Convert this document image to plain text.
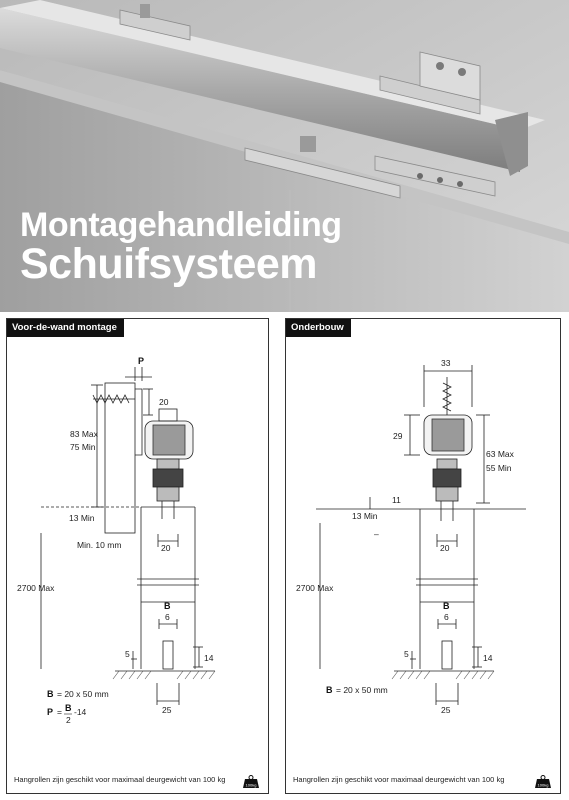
Montagehandleiding
Schuifsysteem
P
20
83 Max
75 Min
13 Min
Min. 10 mm	20
2700 Max
B
6
5	14
25
B = 20 x 50 mm
P = B
2
-14
Voor-de-wand montage
Hangrollen zijn geschikt voor maximaal deurgewicht van 100 kg
100kg
33
29
63 Max
55 Min
11
13 Min
–
20
2700 Max
B
6
5	14
25
B = 20 x 50 mm
Onderbouw
Hangrollen zijn geschikt voor maximaal deurgewicht van 100 kg
100kg
